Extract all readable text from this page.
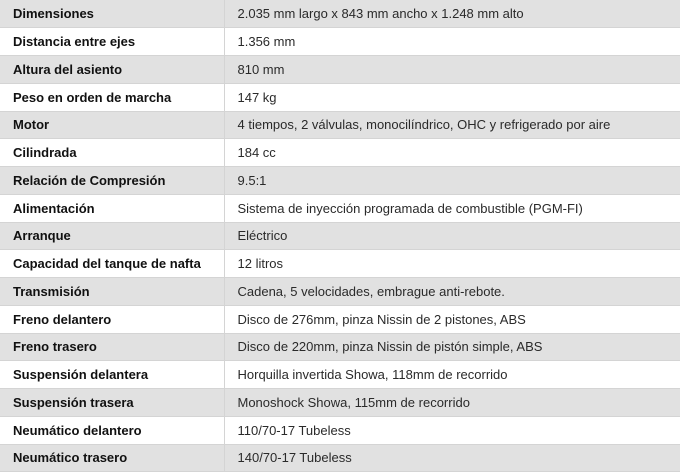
Dimensiones	2.035 mm largo x 843 mm ancho x 1.248 mm alto
Distancia entre ejes	1.356 mm
Altura del asiento	810 mm
Peso en orden de marcha	147 kg
Motor	4 tiempos, 2 válvulas, monocilíndrico, OHC y refrigerado por aire
Cilindrada	184 cc
Relación de Compresión	9.5:1
Alimentación	Sistema de inyección programada de combustible (PGM-FI)
Arranque	Eléctrico
Capacidad del tanque de nafta	12 litros
Transmisión	Cadena, 5 velocidades, embrague anti-rebote.
Freno delantero	Disco de 276mm, pinza Nissin de 2 pistones, ABS
Freno trasero	Disco de 220mm, pinza Nissin de pistón simple, ABS
Suspensión delantera	Horquilla invertida Showa, 118mm de recorrido
Suspensión trasera	Monoshock Showa, 115mm de recorrido
Neumático delantero	110/70-17 Tubeless
Neumático trasero	140/70-17 Tubeless
